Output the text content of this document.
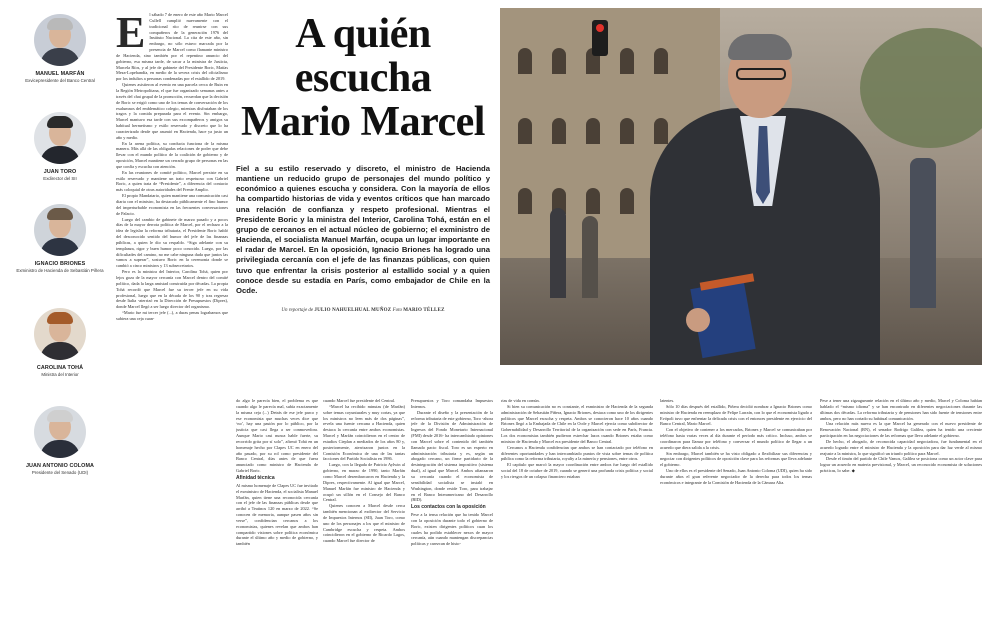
MANUEL MARFÁN
Exvicepresidente del Banco Central
JUAN TORO
Exdirector del SII
IGNACIO BRIONES
Exministro de Hacienda de Sebastián Piñera
CAROLINA TOHÁ
Ministra del Interior
JUAN ANTONIO COLOMA
Presidente del Senado (UDI)
E l sábado 7 de enero de este año Mario Marcel Cullell cumplió nuevamente con el tradicional rito de reunirse con sus compañeros de la generación 1976 del Instituto Nacional. La cita de este año, sin embargo, no sólo estuvo marcada por la presencia de Marcel como flamante ministro de Hacienda, sino también por el repentino anuncio del gobierno, esa misma tarde, de sacar a la ministra de Justicia, Marcela Ríos, y al jefe de gabinete del Presidente Boric, Matías Meza-Lopehandía, en medio de la severa crisis del oficialismo por los indultos a personas condenadas por el estallido de 2019.

Quienes asistieron al evento en una parcela cerca de Buin en la Región Metropolitana, el que fue organizado semanas antes a través del chat grupal de la promoción, recuerdan que la decisión de Boric se erigió como uno de los temas de conversación de los exalumnos del emblemático colegio, mientras disfrutaban de los tragos y la comida preparada para el evento. Sin embargo, Marcel mantuvo esa tarde con sus excompañeros y amigos su habitual hermetismo y estilo reservado y discreto que lo ha caracterizado desde que asumió en Hacienda, hace ya justo un año y medio.

En la arena política, su conducta funciona de la misma manera. Más allá de las obligadas relaciones de poder que debe llevar con el mundo político de la coalición de gobierno y de oposición, Marcel mantiene un cerrado grupo de personas en las que confía y escucha con atención.

En las reuniones de comité político, Marcel persiste en su estilo reservado y mantiene un trato respetuoso con Gabriel Boric, a quien trata de “Presidente”, a diferencia del contacto más coloquial de otras autoridades del Frente Amplio.

El propio Mandatario, quien mantiene una comunicación casi diaria con el ministro, ha destacado públicamente el fino humor del imperturbable economista en las frecuentes conversaciones de Palacio.

Luego del cambio de gabinete de marzo pasado y a pocos días de la mayor derrota política de Marcel, por el rechazo a la idea de legislar la reforma tributaria, el Presidente Boric habló del desconocido sentido del humor del jefe de las finanzas públicas, a quien le dio su respaldo. “Siga adelante con su templanza, rigor y buen humor poco conocido. Luego, por las dificultades del camino, no me cabe ninguna duda que juntos las vamos a superar”, sostuvo Boric en la ceremonia donde se cambió a cinco ministros y 13 subsecretarios.

Pero es la ministra del Interior, Carolina Tohá, quien por lejos goza de la mayor cercanía con Marcel dentro del comité político, dada la larga amistad construida por décadas. La propia Tohá recordó que Marcel fue su tercer jefe en su vida profesional, luego que en la década de los 90 y tras regresar desde Italia -aterrizó en la Dirección de Presupuestos (Dipres), donde Marcel llegó a ser luego director del organismo.

“Mario fue mi tercer jefe (...), a duras penas lograbamos que subiera una ceja cuan-

A quién
escucha
Mario Marcel
Fiel a su estilo reservado y discreto, el ministro de Hacienda mantiene un reducido grupo de personajes del mundo político y económico a quienes escucha y considera. Con la mayoría de ellos ha compartido historias de vida y eventos críticos que han marcado una relación de confianza y respeto profesional. Mientras el Presidente Boric y la ministra del Interior, Carolina Tohá, están en el grupo de cercanos en el actual núcleo de gobierno; el exministro de Hacienda, el socialista Manuel Marfán, ocupa un lugar importante en el radar de Marcel. En la oposición, Ignacio Briones ha logrado una privilegiada cercanía con el jefe de las finanzas públicas, con quien tuvo que enfrentar la crisis posterior al estallido social y a quien conoce desde su estadía en París, como embajador de Chile en la Ocde.
Un reportaje de JULIO NAHUELHUAL MUÑOZ Foto MARIO TÉLLEZ

do algo le parecía bien, el problema es que cuando algo le parecía mal, subía exactamente la misma ceja (...) Detrás de ese jefe parco y ese economista que muchas veces dice que ‘no’, hay una pasión por lo público, por la justicia que casi llega a ser conmovedora. Aunque Mario casi nunca hable fuerte, su recorrido grita por sí solo”, afirmó Tohá en un homenaje hecho por Clapes UC en enero del año pasado, por su rol como presidente del Banco Central, días antes de que fuera anunciado como ministro de Hacienda de Gabriel Boric.

Afinidad técnica

Al mismo homenaje de Clapes UC fue invitado el exministro de Hacienda, el socialista Manuel Marfán, quien tiene una reconocida cercanía con el jefe de las finanzas públicas desde que arribó a Teatinos 120 en marzo de 2022. “Se conocen de memoria, aunque pasen años sin verse”, confidencian cercanos a los economistas, quienes revelan que ambos han compartido visiones sobre política económica durante el último año y medio de gobierno, y también

cuando Marcel fue presidente del Central.

“Marcel ha recibido minutas (de Marfán) sobre temas coyunturales y muy cortas, ya que los ministros no leen más de dos páginas”, revela una fuente cercana a Hacienda, quien destaca la cercanía entre ambos economistas. Marcel y Marfán coincidieron en el centro de estudios Cieplan a mediados de los años 80 y, posteriormente, aterrizaron juntos en la Comisión Económica de una de las tantas facciones del Partido Socialista en 1986.

Luego, con la llegada de Patricio Aylwin al gobierno, en marzo de 1990, tanto Marfán como Marcel desembarcaron en Hacienda y la Dipres, respectivamente. Al igual que Marcel, Manuel Marfán fue ministro de Hacienda y ocupó un sillón en el Consejo del Banco Central.

Quienes conocen a Marcel desde cerca también mencionan al exdirector del Servicio de Impuestos Internos (SII), Juan Toro, como uno de los personajes a los que el ministro de Cambridge escucha y respeta. Ambos coincidieron en el gobierno de Ricardo Lagos, cuando Marcel fue director de

Presupuestos y Toro comandaba Impuestos Internos.

Durante el diseño y la presentación de la reforma tributaria de este gobierno, Toro -ahora jefe de la División de Administración de Ingresos del Fondo Monetario Internacional (FMI) desde 2016- ha intercambiado opiniones con Marcel sobre el contenido del también llamado pacto fiscal. Toro es un experto en administración tributaria y es, según un abogado cercano, un firme partidario de la desintegración del sistema impositivo (sistema dual), al igual que Marcel. Ambos afianzaron su cercanía cuando el economista de sensibilidad socialista se instaló en Washington, donde reside Toro, para trabajar en el Banco Interamericano del Desarrollo (BID).

Los contactos con la oposición

Pese a la tensa relación que ha tenido Marcel con la oposición durante todo el gobierno de Boric, existen dirigentes políticos cuan los cuales ha podido establecer nexos de mayor cercanía, aún cuando mantengan discrepancias políticas y carezcan de histo-

rias de vida en común.

Si bien su comunicación no es constante, el exministro de Hacienda de la segunda administración de Sebastián Piñera, Ignacio Briones, destaca como uno de los dirigentes políticos que Marcel escucha y respeta. Ambos se conocieron hace 10 años cuando Briones llegó a la Embajada de Chile en la Ocde y Marcel ejercía como subdirector de Gobernabilidad y Desarrollo Territorial de la organización con sede en París, Francia. Los dos economistas también pudieron estrechar lazos cuando Briones estaba como ministro de Hacienda y Marcel era presidente del Banco Central.

Cercanos a Hacienda confidencian que ambos se han contactado por teléfono en diferentes oportunidades y han intercambiado puntos de vista sobre temas de política pública como la reforma tributaria, royalty a la minería y pensiones, entre otros.

El capítulo que marcó la mayor coordinación entre ambos fue luego del estallido social del 18 de octubre de 2019, cuando se generó una profunda crisis política y social y los riesgos de un colapso financiero estaban

latentes.

Sólo 10 días después del estallido, Piñera decidió nombrar a Ignacio Briones como ministro de Hacienda en reemplazo de Felipe Larraín, con lo que el economista ligado a Evópoli tuvo que enfrentar la delicada crisis con el entonces presidente en ejercicio del Banco Central, Mario Marcel.

Con el objetivo de contener a los mercados, Briones y Marcel se comunicaban por teléfono hasta varias veces al día durante el período más crítico. Incluso, ambos se coordinaron para llamar por teléfono y conversar el mundo político de llegar a un acuerdo que diera salida a la crisis.

Sin embargo, Marcel también se ha visto obligado a flexibilizar sus diferencias y negociar con dirigentes políticos de oposición clave para las reformas que lleva adelante el gobierno.

Uno de ellos es el presidente del Senado, Juan Antonio Coloma (UDI), quien ha sido durante años el gran referente negociador de la derecha para todos los temas económicos e integrante de la Comisión de Hacienda de la Cámara Alta.

Pese a tener una zigzagueante relación en el último año y medio, Marcel y Coloma habían hablado el “mismo idioma” y se han encontrado en diferentes negociaciones durante las últimas dos décadas. La reforma tributaria y de pensiones han sido fuente de tensiones entre ambos, pero no han cortado su habitual comunicación.

Una relación más nueva es la que Marcel ha generado con el nuevo presidente de Renovación Nacional (RN), el senador Rodrigo Galilea, quien ha tenido una creciente participación en las negociaciones de las reformas que lleva adelante el gobierno.

De hecho, el abogado, de reconocida capacidad negociadora, fue fundamental en el acuerdo logrado entre el ministro de Hacienda y la oposición para dar luz verde al mismo reajuste a la ministra, lo que significó un triunfo político para Marcel.

Desde el timón del partido de Chile Vamos, Galilea se posiciona como un actor clave para lograr un acuerdo en materia previsional, y Marcel, un reconocido economista de soluciones prácticas, lo sabe. ◆
